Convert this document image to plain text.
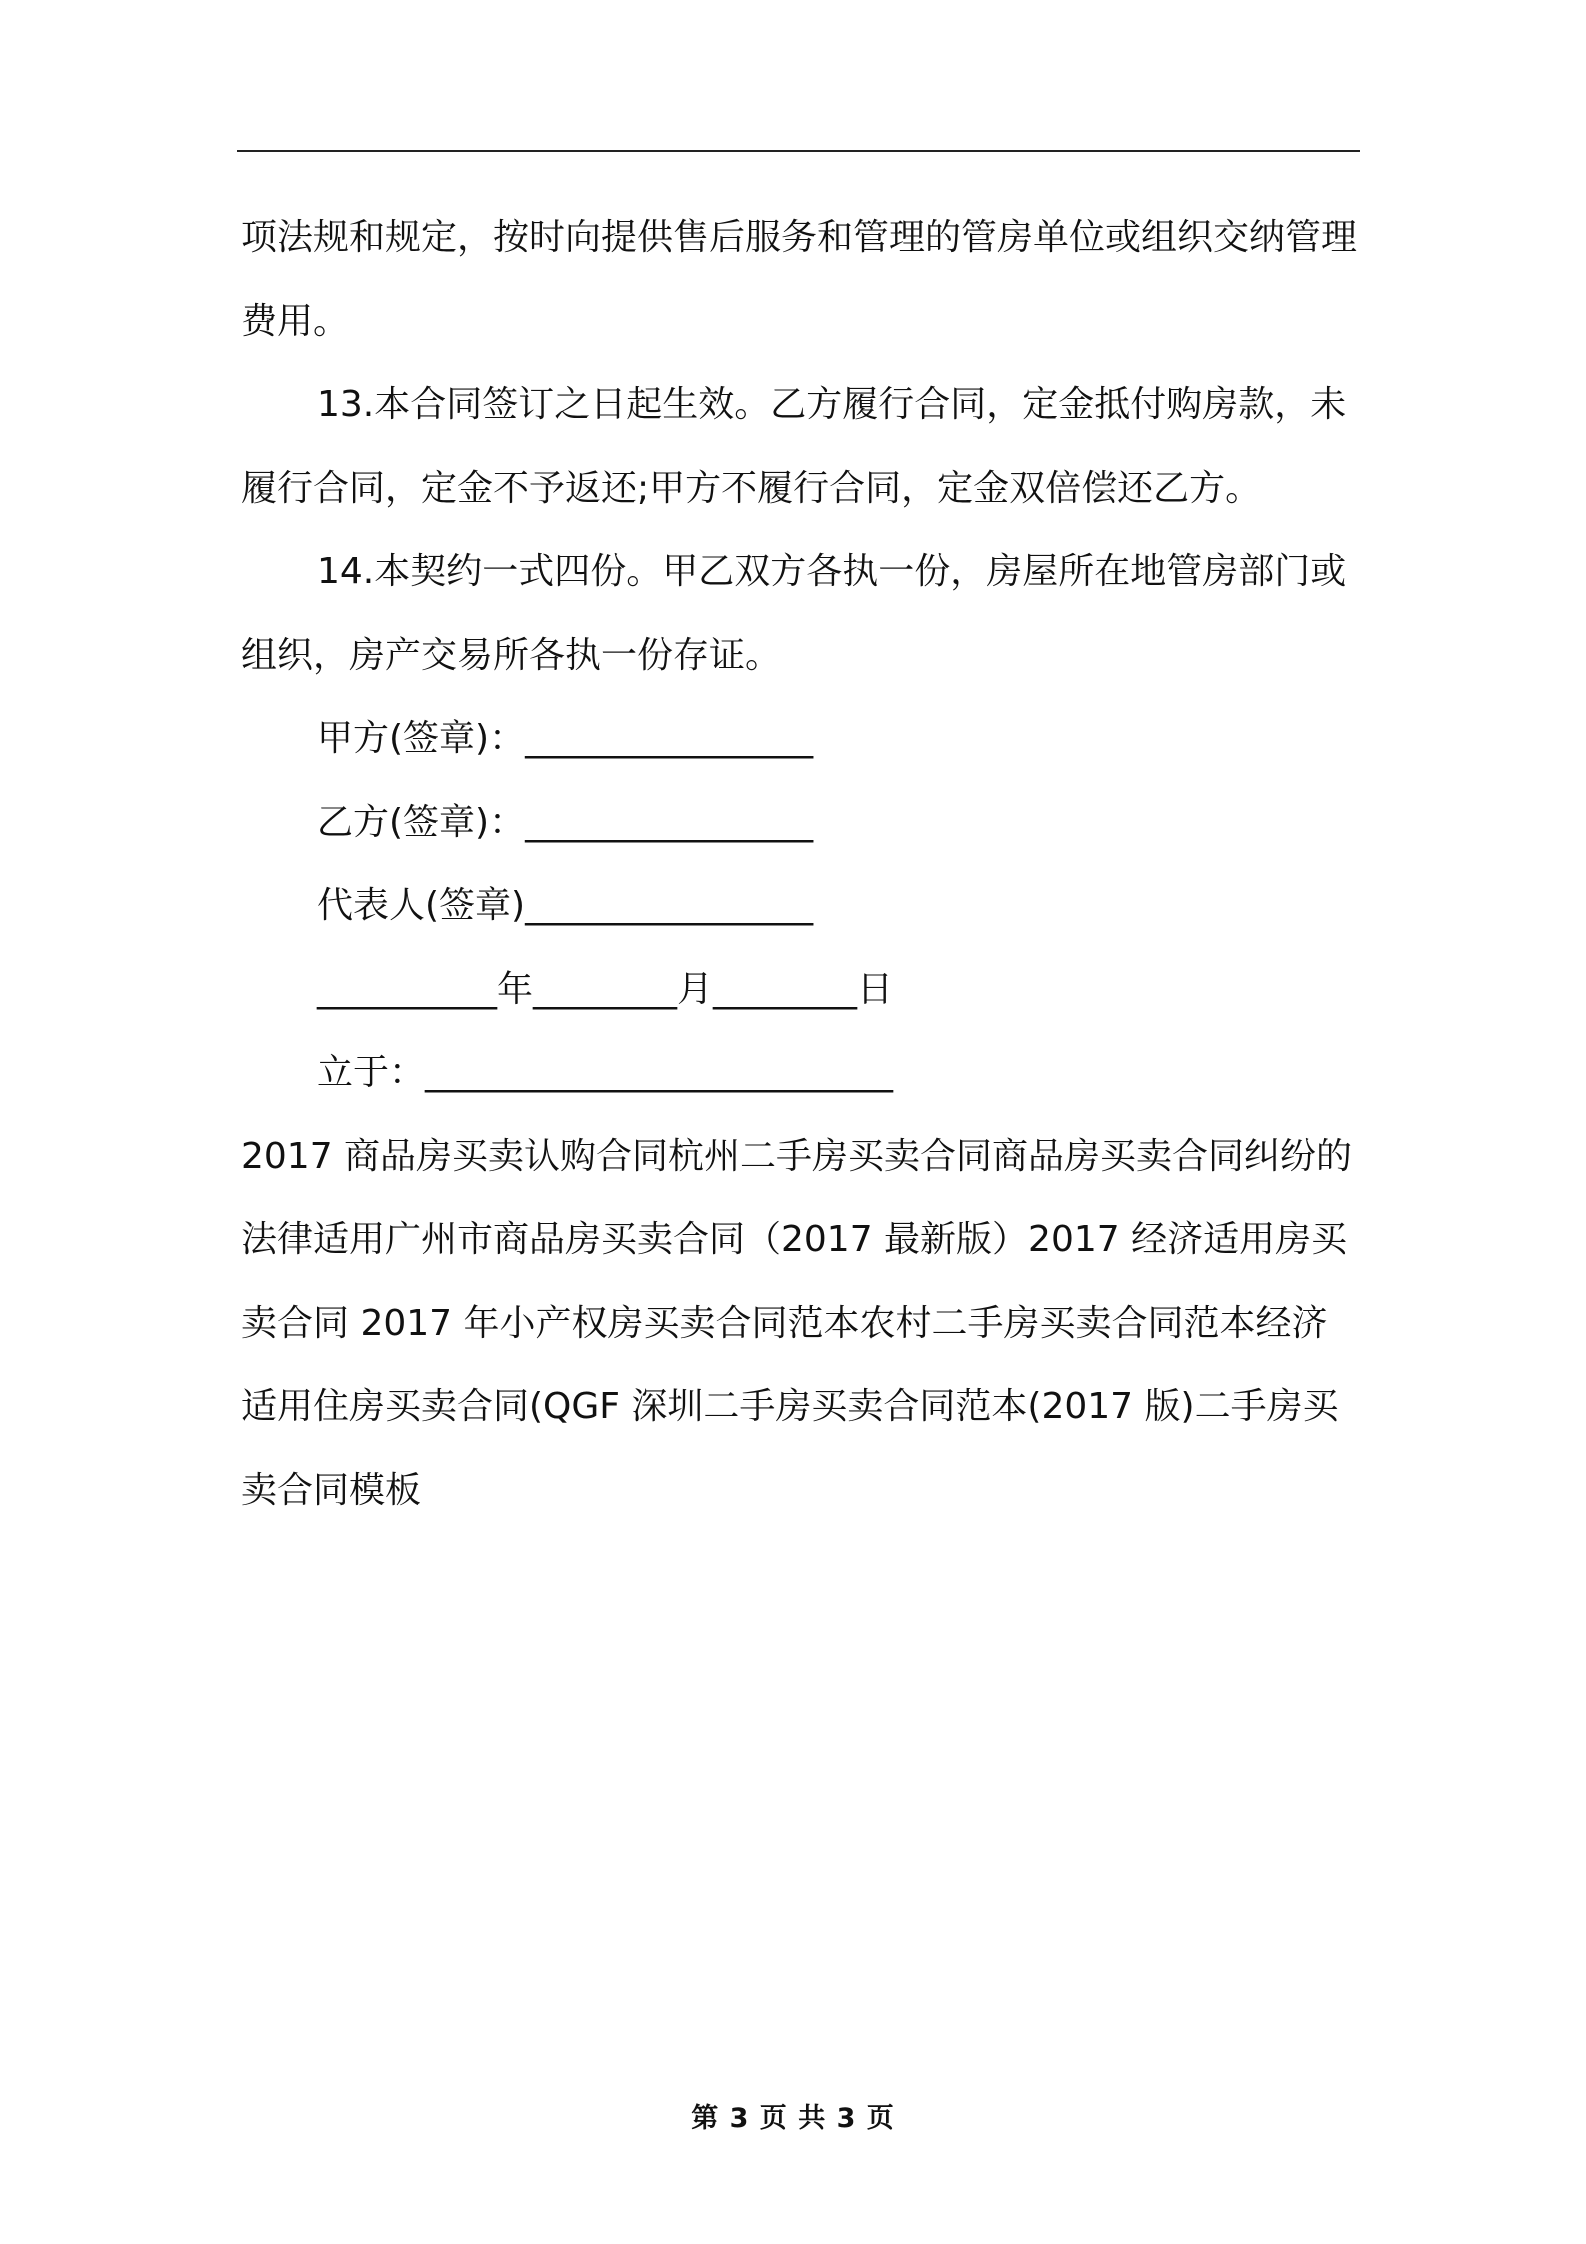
项法规和规定，按时向提供售后服务和管理的管房单位或组织交纳管理费用。

13.本合同签订之日起生效。乙方履行合同，定金抵付购房款，未履行合同，定金不予返还;甲方不履行合同，定金双倍偿还乙方。

14.本契约一式四份。甲乙双方各执一份，房屋所在地管房部门或组织，房产交易所各执一份存证。

甲方(签章)：________________

乙方(签章)：________________

代表人(签章)________________

__________年________月________日

立于：__________________________

2017 商品房买卖认购合同杭州二手房买卖合同商品房买卖合同纠纷的法律适用广州市商品房买卖合同（2017 最新版）2017 经济适用房买卖合同 2017 年小产权房买卖合同范本农村二手房买卖合同范本经济适用住房买卖合同(QGF 深圳二手房买卖合同范本(2017 版)二手房买卖合同模板

第 3 页 共 3 页
